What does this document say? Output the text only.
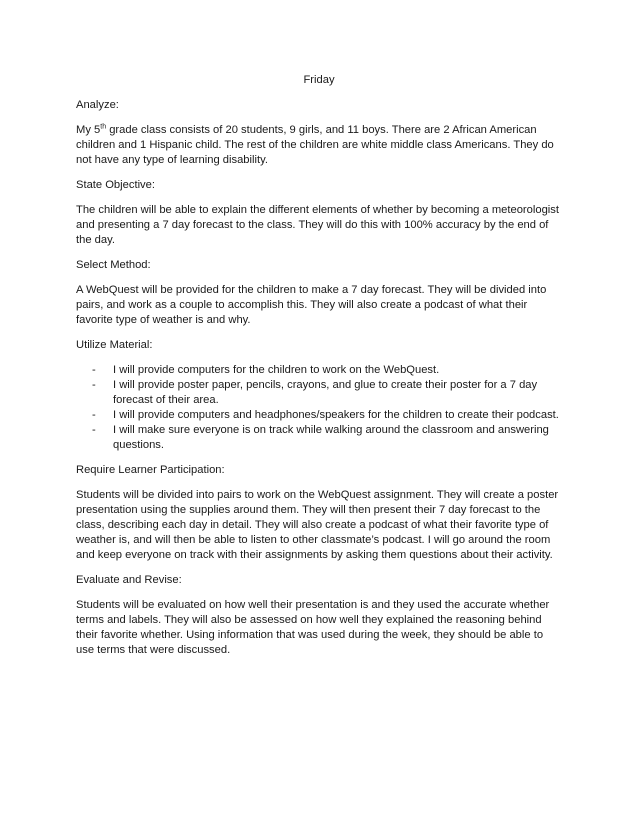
Friday

Analyze:

My 5th grade class consists of 20 students, 9 girls, and 11 boys. There are 2 African American children and 1 Hispanic child. The rest of the children are white middle class Americans. They do not have any type of learning disability.

State Objective:

The children will be able to explain the different elements of whether by becoming a meteorologist and presenting a 7 day forecast to the class. They will do this with 100% accuracy by the end of the day.

Select Method:

A WebQuest will be provided for the children to make a 7 day forecast. They will be divided into pairs, and work as a couple to accomplish this. They will also create a podcast of what their favorite type of weather is and why.

Utilize Material:

- I will provide computers for the children to work on the WebQuest.
- I will provide poster paper, pencils, crayons, and glue to create their poster for a 7 day forecast of their area.
- I will provide computers and headphones/speakers for the children to create their podcast.
- I will make sure everyone is on track while walking around the classroom and answering questions.

Require Learner Participation:

Students will be divided into pairs to work on the WebQuest assignment. They will create a poster presentation using the supplies around them. They will then present their 7 day forecast to the class, describing each day in detail. They will also create a podcast of what their favorite type of weather is, and will then be able to listen to other classmate’s podcast. I will go around the room and keep everyone on track with their assignments by asking them questions about their activity.

Evaluate and Revise:

Students will be evaluated on how well their presentation is and they used the accurate whether terms and labels. They will also be assessed on how well they explained the reasoning behind their favorite whether. Using information that was used during the week, they should be able to use terms that were discussed.
